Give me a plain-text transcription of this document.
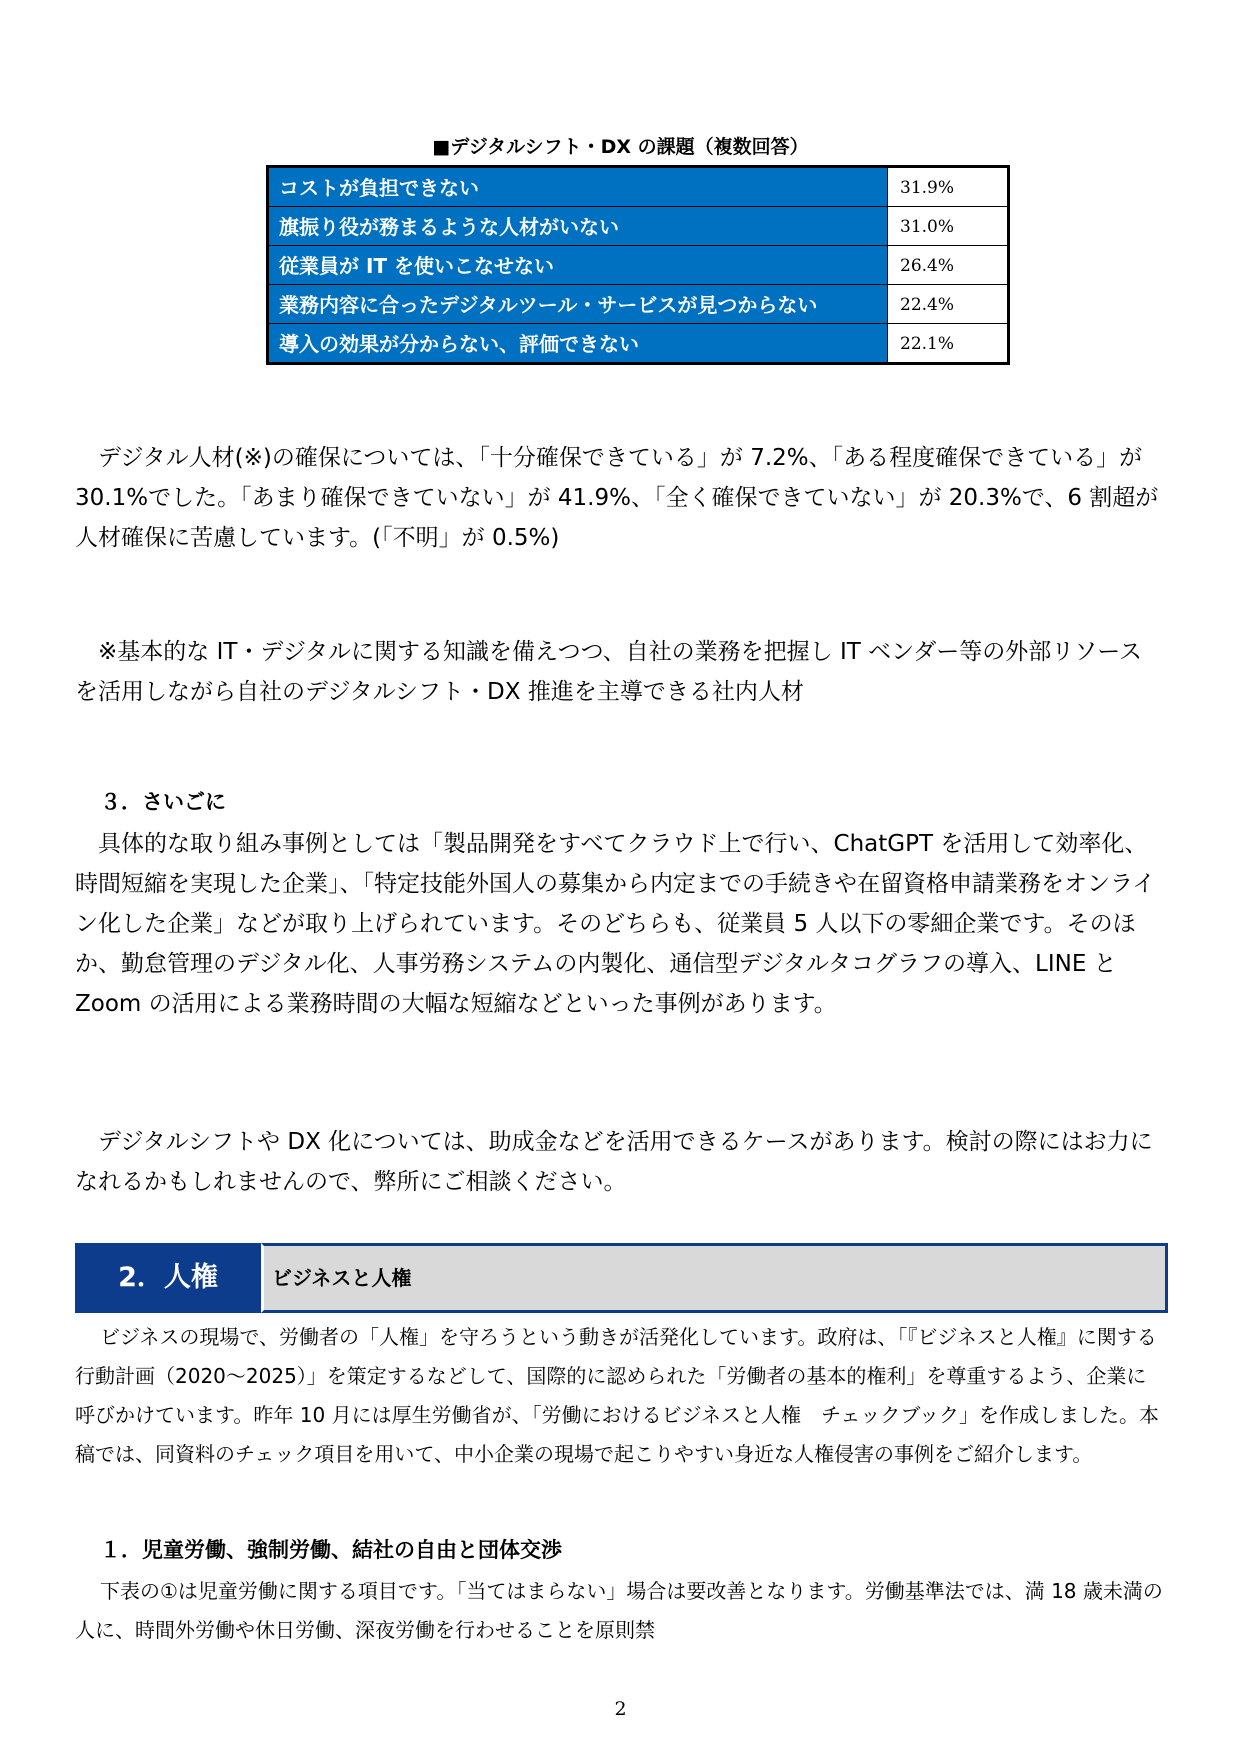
■デジタルシフト・DX の課題（複数回答）
コストが負担できない	31.9%
旗振り役が務まるような人材がいない	31.0%
従業員が IT を使いこなせない	26.4%
業務内容に合ったデジタルツール・サービスが見つからない	22.4%
導入の効果が分からない、評価できない	22.1%

デジタル人材(※)の確保については、「十分確保できている」が 7.2%、「ある程度確保できている」が 30.1%でした。「あまり確保できていない」が 41.9%、「全く確保できていない」が 20.3%で、6 割超が人材確保に苦慮しています。(「不明」が 0.5%)

※基本的な IT・デジタルに関する知識を備えつつ、自社の業務を把握し IT ベンダー等の外部リソースを活用しながら自社のデジタルシフト・DX 推進を主導できる社内人材

３．さいごに

具体的な取り組み事例としては「製品開発をすべてクラウド上で行い、ChatGPT を活用して効率化、時間短縮を実現した企業」、「特定技能外国人の募集から内定までの手続きや在留資格申請業務をオンライン化した企業」などが取り上げられています。そのどちらも、従業員 5 人以下の零細企業です。そのほか、勤怠管理のデジタル化、人事労務システムの内製化、通信型デジタルタコグラフの導入、LINE と Zoom の活用による業務時間の大幅な短縮などといった事例があります。

デジタルシフトや DX 化については、助成金などを活用できるケースがあります。検討の際にはお力になれるかもしれませんので、弊所にご相談ください。

2．人権	ビジネスと人権

ビジネスの現場で、労働者の「人権」を守ろうという動きが活発化しています。政府は、「『ビジネスと人権』に関する行動計画（2020～2025）」を策定するなどして、国際的に認められた「労働者の基本的権利」を尊重するよう、企業に呼びかけています。昨年 10 月には厚生労働省が、「労働におけるビジネスと人権　チェックブック」を作成しました。本稿では、同資料のチェック項目を用いて、中小企業の現場で起こりやすい身近な人権侵害の事例をご紹介します。

１．児童労働、強制労働、結社の自由と団体交渉

下表の①は児童労働に関する項目です。「当てはまらない」場合は要改善となります。労働基準法では、満 18 歳未満の人に、時間外労働や休日労働、深夜労働を行わせることを原則禁

2
